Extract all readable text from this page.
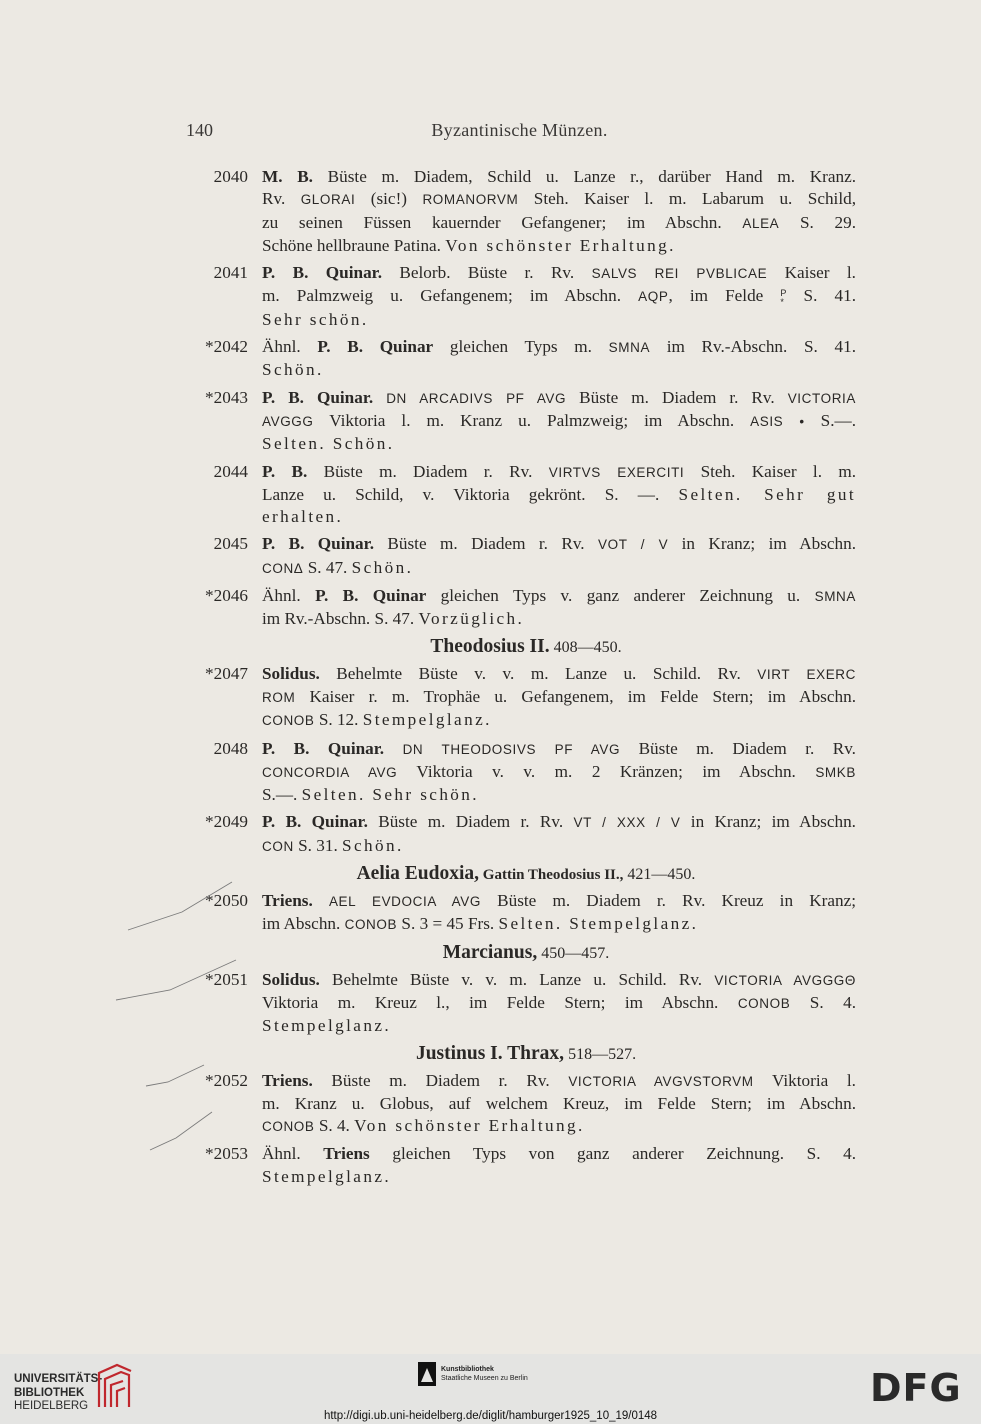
140	Byzantinische Münzen.
2040 M. B. Büste m. Diadem, Schild u. Lanze r., darüber Hand m. Kranz.
Rv. GLORAI (sic!) ROMANORVM Steh. Kaiser l. m. Labarum u. Schild,
zu seinen Füssen kauernder Gefangener; im Abschn. ALEA S. 29.
Schöne hellbraune Patina. Von schönster Erhaltung.
2041 P. B. Quinar. Belorb. Büste r. Rv. SALVS REI PVBLICAE Kaiser l.
m. Palmzweig u. Gefangenem; im Abschn. AQP, im Felde P
* S. 41.
Sehr schön.
*2042 Ähnl. P. B. Quinar gleichen Typs m. SMNA im Rv.-Abschn. S. 41.
Schön.
*2043 P. B. Quinar. DN ARCADIVS PF AVG Büste m. Diadem r. Rv. VICTORIA
AVGGG Viktoria l. m. Kranz u. Palmzweig; im Abschn. ASIS • S.—.
Selten. Schön.
2044 P. B. Büste m. Diadem r. Rv. VIRTVS EXERCITI Steh. Kaiser l. m.
Lanze u. Schild, v. Viktoria gekrönt. S. —. Selten. Sehr gut
erhalten.
2045 P. B. Quinar. Büste m. Diadem r. Rv. VOT / V in Kranz; im Abschn.
CONΔ S. 47. Schön.
*2046 Ähnl. P. B. Quinar gleichen Typs v. ganz anderer Zeichnung u. SMNA
im Rv.-Abschn. S. 47. Vorzüglich.
Theodosius II. 408—450.
*2047 Solidus. Behelmte Büste v. v. m. Lanze u. Schild. Rv. VIRT EXERC
ROM Kaiser r. m. Trophäe u. Gefangenem, im Felde Stern; im Abschn.
CONOB S. 12. Stempelglanz.
2048 P. B. Quinar. DN THEODOSIVS PF AVG Büste m. Diadem r. Rv.
CONCORDIA AVG Viktoria v. v. m. 2 Kränzen; im Abschn. SMKB
S.—. Selten. Sehr schön.
*2049 P. B. Quinar. Büste m. Diadem r. Rv. VT / XXX / V in Kranz; im Abschn.
CON S. 31. Schön.
Aelia Eudoxia, Gattin Theodosius II., 421—450.
*2050 Triens. AEL EVDOCIA AVG Büste m. Diadem r. Rv. Kreuz in Kranz;
im Abschn. CONOB S. 3 = 45 Frs. Selten. Stempelglanz.
Marcianus, 450—457.
*2051 Solidus. Behelmte Büste v. v. m. Lanze u. Schild. Rv. VICTORIA AVGGGΘ
Viktoria m. Kreuz l., im Felde Stern; im Abschn. CONOB S. 4.
Stempelglanz.
Justinus I. Thrax, 518—527.
*2052 Triens. Büste m. Diadem r. Rv. VICTORIA AVGVSTORVM Viktoria l.
m. Kranz u. Globus, auf welchem Kreuz, im Felde Stern; im Abschn.
CONOB S. 4. Von schönster Erhaltung.
*2053 Ähnl. Triens gleichen Typs von ganz anderer Zeichnung. S. 4.
Stempelglanz.
UNIVERSITÄTS-
BIBLIOTHEK
HEIDELBERG
Kunstbibliothek
Staatliche Museen zu Berlin	DFG
http://digi.ub.uni-heidelberg.de/diglit/hamburger1925_10_19/0148
